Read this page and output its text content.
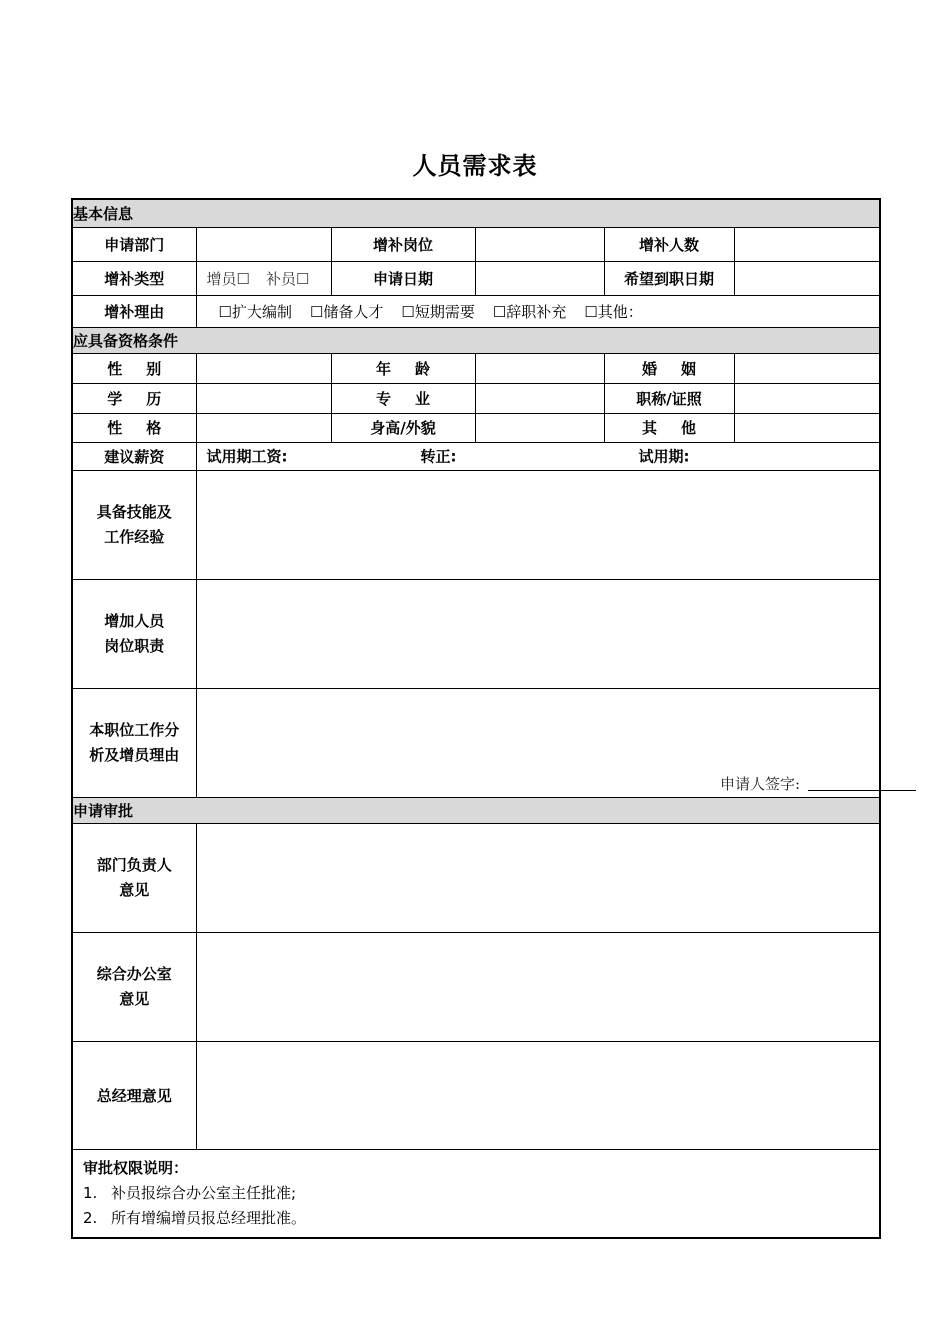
人员需求表
基本信息					
申请部门		增补岗位		增补人数	
增补类型	增员☐ 补员☐	申请日期		希望到职日期	
增补理由	☐扩大编制 ☐储备人才 ☐短期需要 ☐辞职补充 ☐其他：				
应具备资格条件					
性别		年龄		婚姻	
学历		专业		职称/证照	
性格		身高/外貌		其他	
建议薪资	试用期工资: 转正: 试用期:				

具备技能及
工作经验					

增加人员
岗位职责					

本职位工作分
析及增员理由	申请人签字:				

申请审批					

部门负责人
意见					

综合办公室
意见					

总经理意见					

审批权限说明：
1. 补员报综合办公室主任批准;
2. 所有增编增员报总经理批准。					
